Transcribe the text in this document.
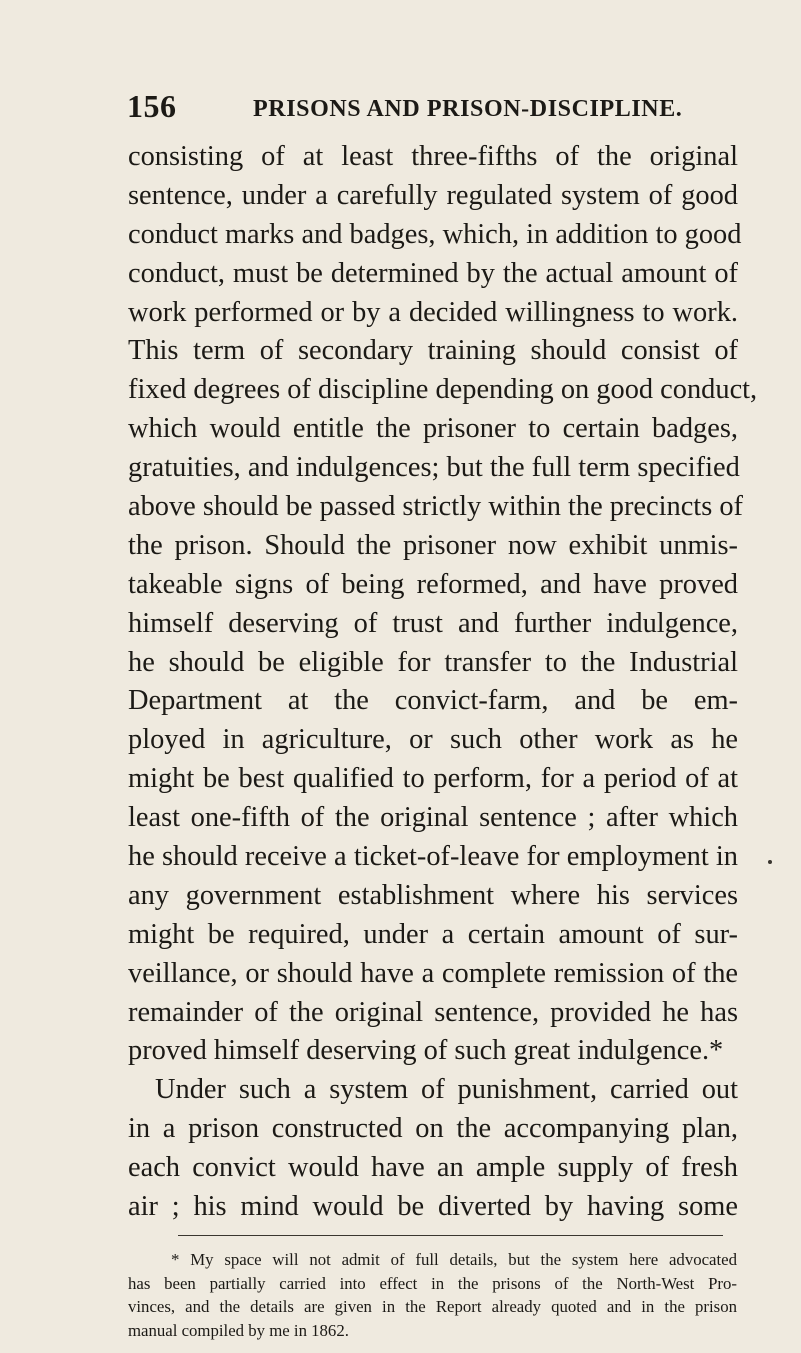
156	PRISONS AND PRISON-DISCIPLINE.
consisting of at least three-fifths of the original
sentence, under a carefully regulated system of good
conduct marks and badges, which, in addition to good
conduct, must be determined by the actual amount of
work performed or by a decided willingness to work.
This term of secondary training should consist of
fixed degrees of discipline depending on good conduct,
which would entitle the prisoner to certain badges,
gratuities, and indulgences; but the full term specified
above should be passed strictly within the precincts of
the prison. Should the prisoner now exhibit unmis-
takeable signs of being reformed, and have proved
himself deserving of trust and further indulgence,
he should be eligible for transfer to the Industrial
Department at the convict-farm, and be em-
ployed in agriculture, or such other work as he
might be best qualified to perform, for a period of at
least one-fifth of the original sentence ; after which
he should receive a ticket-of-leave for employment in
any government establishment where his services
might be required, under a certain amount of sur-
veillance, or should have a complete remission of the
remainder of the original sentence, provided he has
proved himself deserving of such great indulgence.*
Under such a system of punishment, carried out
in a prison constructed on the accompanying plan,
each convict would have an ample supply of fresh
air ; his mind would be diverted by having some
* My space will not admit of full details, but the system here advocated
has been partially carried into effect in the prisons of the North-West Pro-
vinces, and the details are given in the Report already quoted and in the prison
manual compiled by me in 1862.
